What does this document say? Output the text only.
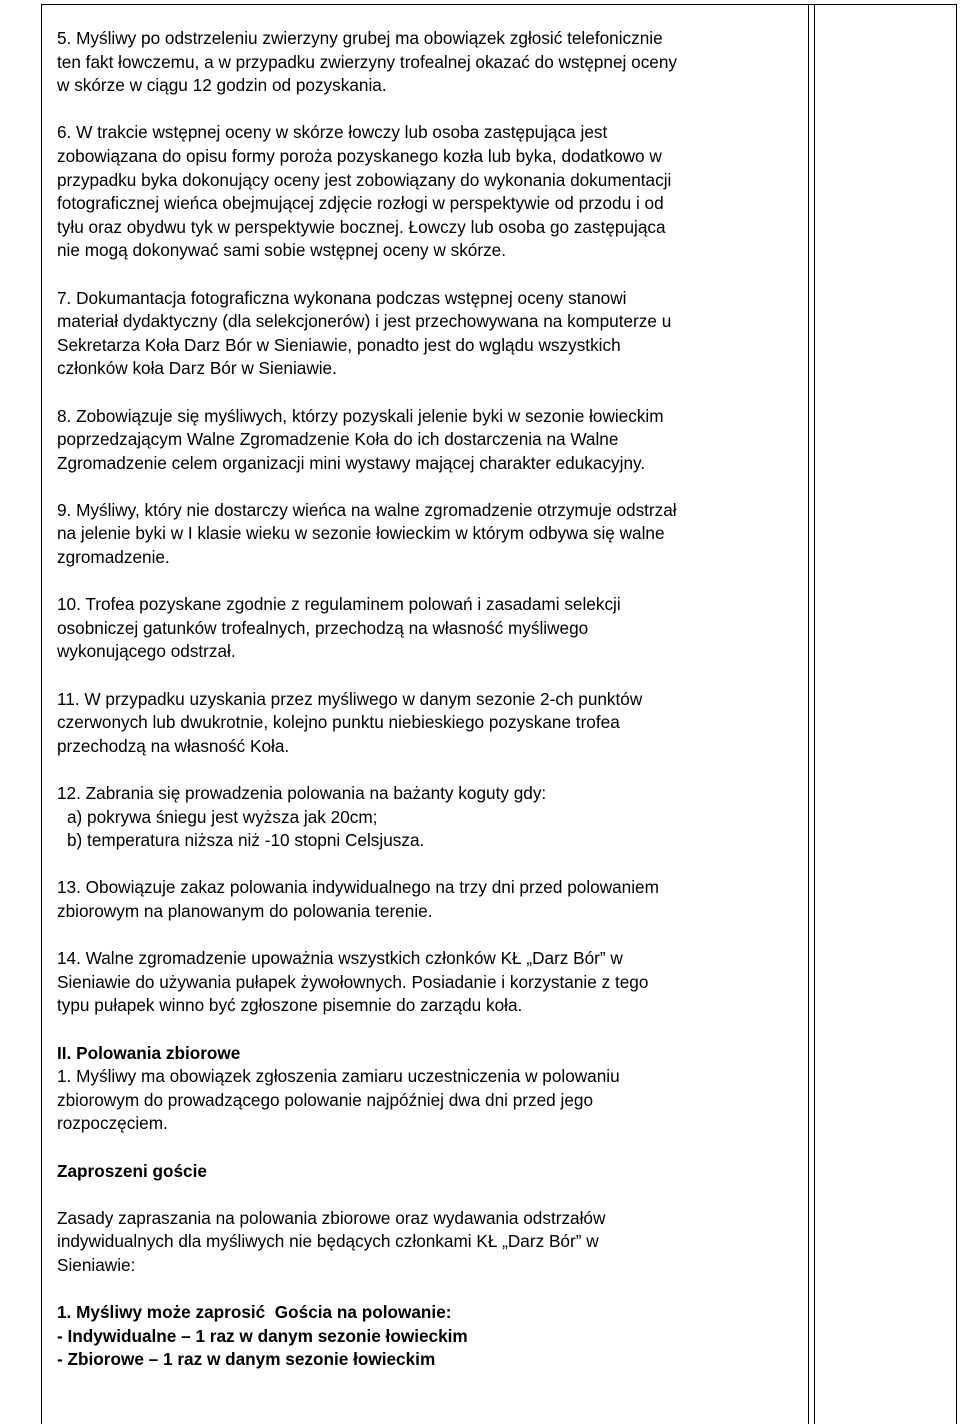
5. Myśliwy po odstrzeleniu zwierzyny grubej ma obowiązek zgłosić telefonicznie
ten fakt łowczemu, a w przypadku zwierzyny trofealnej okazać do wstępnej oceny
w skórze w ciągu 12 godzin od pozyskania.
6. W trakcie wstępnej oceny w skórze łowczy lub osoba zastępująca jest
zobowiązana do opisu formy poroża pozyskanego kozła lub byka, dodatkowo w
przypadku byka dokonujący oceny jest zobowiązany do wykonania dokumentacji
fotograficznej wieńca obejmującej zdjęcie rozłogi w perspektywie od przodu i od
tyłu oraz obydwu tyk w perspektywie bocznej. Łowczy lub osoba go zastępująca
nie mogą dokonywać sami sobie wstępnej oceny w skórze.
7. Dokumantacja fotograficzna wykonana podczas wstępnej oceny stanowi
materiał dydaktyczny (dla selekcjonerów) i jest przechowywana na komputerze u
Sekretarza Koła Darz Bór w Sieniawie, ponadto jest do wglądu wszystkich
członków koła Darz Bór w Sieniawie.
8. Zobowiązuje się myśliwych, którzy pozyskali jelenie byki w sezonie łowieckim
poprzedzającym Walne Zgromadzenie Koła do ich dostarczenia na Walne
Zgromadzenie celem organizacji mini wystawy mającej charakter edukacyjny.
9. Myśliwy, który nie dostarczy wieńca na walne zgromadzenie otrzymuje odstrzał
na jelenie byki w I klasie wieku w sezonie łowieckim w którym odbywa się walne
zgromadzenie.
10. Trofea pozyskane zgodnie z regulaminem polowań i zasadami selekcji
osobniczej gatunków trofealnych, przechodzą na własność myśliwego
wykonującego odstrzał.
11. W przypadku uzyskania przez myśliwego w danym sezonie 2-ch punktów
czerwonych lub dwukrotnie, kolejno punktu niebieskiego pozyskane trofea
przechodzą na własność Koła.
12. Zabrania się prowadzenia polowania na bażanty koguty gdy:
a) pokrywa śniegu jest wyższa jak 20cm;
b) temperatura niższa niż -10 stopni Celsjusza.
13. Obowiązuje zakaz polowania indywidualnego na trzy dni przed polowaniem
zbiorowym na planowanym do polowania terenie.
14. Walne zgromadzenie upoważnia wszystkich członków KŁ „Darz Bór” w
Sieniawie do używania pułapek żywołownych. Posiadanie i korzystanie z tego
typu pułapek winno być zgłoszone pisemnie do zarządu koła.
II. Polowania zbiorowe
1. Myśliwy ma obowiązek zgłoszenia zamiaru uczestniczenia w polowaniu
zbiorowym do prowadzącego polowanie najpóźniej dwa dni przed jego
rozpoczęciem.
Zaproszeni goście
Zasady zapraszania na polowania zbiorowe oraz wydawania odstrzałów
indywidualnych dla myśliwych nie będących członkami KŁ „Darz Bór” w
Sieniawie:
1. Myśliwy może zaprosić  Gościa na polowanie:
- Indywidualne – 1 raz w danym sezonie łowieckim
- Zbiorowe – 1 raz w danym sezonie łowieckim
